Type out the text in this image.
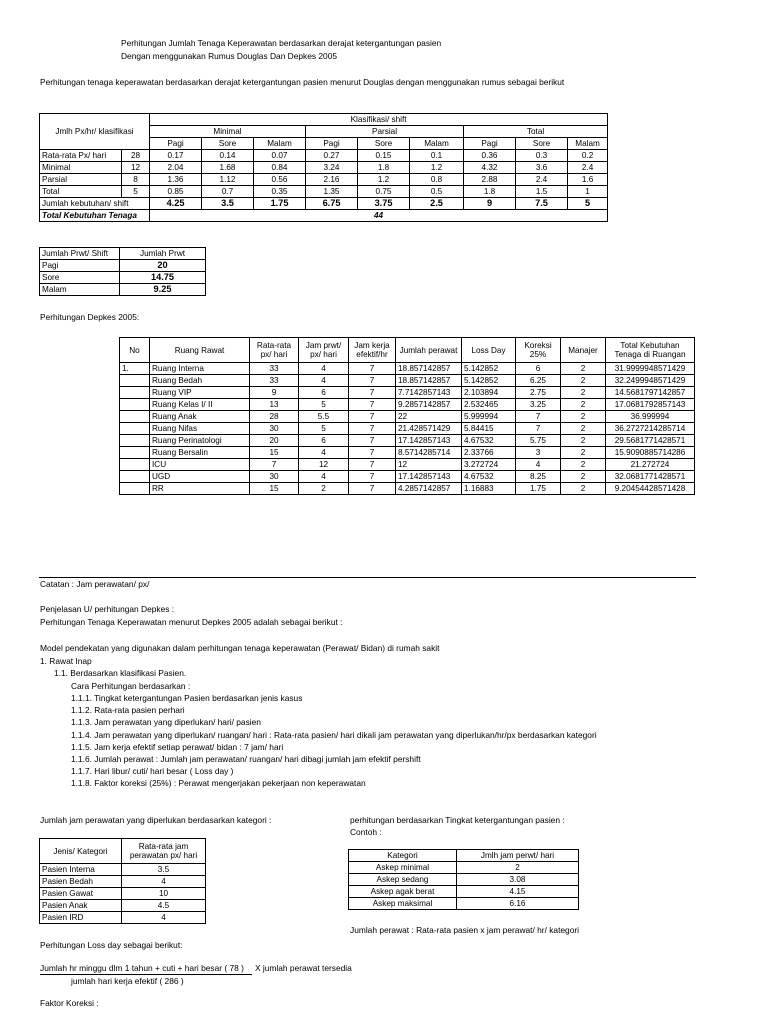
Perhitungan Jumlah Tenaga Keperawatan berdasarkan derajat ketergantungan pasien
Dengan menggunakan Rumus Douglas Dan Depkes 2005
Perhitungan tenaga keperawatan berdasarkan derajat ketergantungan pasien menurut Douglas dengan menggunakan rumus sebagai berikut
Jmlh Px/hr/ klasifikasi		Klasifikasi/ shift								
		Minimal			Parsial			Total		
		Pagi	Sore	Malam	Pagi	Sore	Malam	Pagi	Sore	Malam
Rata-rata Px/ hari	28	0.17	0.14	0.07	0.27	0.15	0.1	0.36	0.3	0.2
Minimal	12	2.04	1.68	0.84	3.24	1.8	1.2	4.32	3.6	2.4
Parsial	8	1.36	1.12	0.56	2.16	1.2	0.8	2.88	2.4	1.6
Total	5	0.85	0.7	0.35	1.35	0.75	0.5	1.8	1.5	1
Jumlah kebutuhan/ shift		4.25	3.5	1.75	6.75	3.75	2.5	9	7.5	5
Total Kebutuhan Tenaga		44								
Jumlah Prwt/ Shift	Jumlah Prwt
Pagi	20
Sore	14.75
Malam	9.25
Perhitungan Depkes 2005:
No	Ruang Rawat	Rata-rata px/ hari	Jam prwt/ px/ hari	Jam kerja efektif/hr	Jumlah perawat	Loss Day	Koreksi 25%	Manajer	Total Kebutuhan Tenaga di Ruangan
1.	Ruang Interna	33	4	7	18.857142857	5.142852	6	2	31.9999948571429
	Ruang Bedah	33	4	7	18.857142857	5.142852	6.25	2	32.2499948571429
	Ruang VIP	9	6	7	7.7142857143	2.103894	2.75	2	14.5681797142857
	Ruang Kelas I/ II	13	5	7	9.2857142857	2.532465	3.25	2	17.0681792857143
	Ruang Anak	28	5.5	7	22	5.999994	7	2	36.999994
	Ruang Nifas	30	5	7	21.428571429	5.84415	7	2	36.2727214285714
	Ruang Perinatologi	20	6	7	17.142857143	4.67532	5.75	2	29.5681771428571
	Ruang Bersalin	15	4	7	8.5714285714	2.33766	3	2	15.9090885714286
	ICU	7	12	7	12	3.272724	4	2	21.272724
	UGD	30	4	7	17.142857143	4.67532	8.25	2	32.0681771428571
	RR	15	2	7	4.2857142857	1.16883	1.75	2	9.20454428571428
Catatan : Jam perawatan/ px/
Penjelasan U/ perhitungan Depkes :
Perhitungan Tenaga Keperawatan menurut Depkes 2005 adalah sebagai berikut :
Model pendekatan yang digunakan dalam perhitungan tenaga keperawatan (Perawat/ Bidan) di rumah sakit
1. Rawat Inap
1.1. Berdasarkan klasifikasi Pasien.
Cara Perhitungan berdasarkan :
1.1.1. Tingkat ketergantungan Pasien berdasarkan jenis kasus
1.1.2. Rata-rata pasien perhari
1.1.3. Jam perawatan yang diperlukan/ hari/ pasien
1.1.4. Jam perawatan yang diperlukan/ ruangan/ hari : Rata-rata pasien/ hari dikali jam perawatan yang diperlukan/hr/px berdasarkan kategori
1.1.5. Jam kerja efektif setiap perawat/ bidan : 7 jam/ hari
1.1.6. Jumlah perawat : Jumlah jam perawatan/ ruangan/ hari dibagi jumlah jam efektif pershift
1.1.7. Hari libur/ cuti/ hari besar ( Loss day )
1.1.8. Faktor koreksi (25%) : Perawat mengerjakan pekerjaan non keperawatan
Jumlah jam perawatan yang diperlukan berdasarkan kategori :
Jenis/ Kategori	Rata-rata jam perawatan px/ hari
Pasien Interna	3.5
Pasien Bedah	4
Pasien Gawat	10
Pasien Anak	4.5
Pasien IRD	4
perhitungan berdasarkan Tingkat ketergantungan pasien :
Contoh :
Kategori	Jmlh jam perwt/ hari
Askep minimal	2
Askep sedang	3.08
Askep agak berat	4.15
Askep maksimal	6.16
Jumlah perawat : Rata-rata pasien x jam perawat/ hr/ kategori
Perhitungan Loss day sebagai berikut:
Jumlah hr minggu dlm 1 tahun + cuti + hari besar ( 78 ) X jumlah perawat tersedia
jumlah hari kerja efektif ( 286 )
Faktor Koreksi :
